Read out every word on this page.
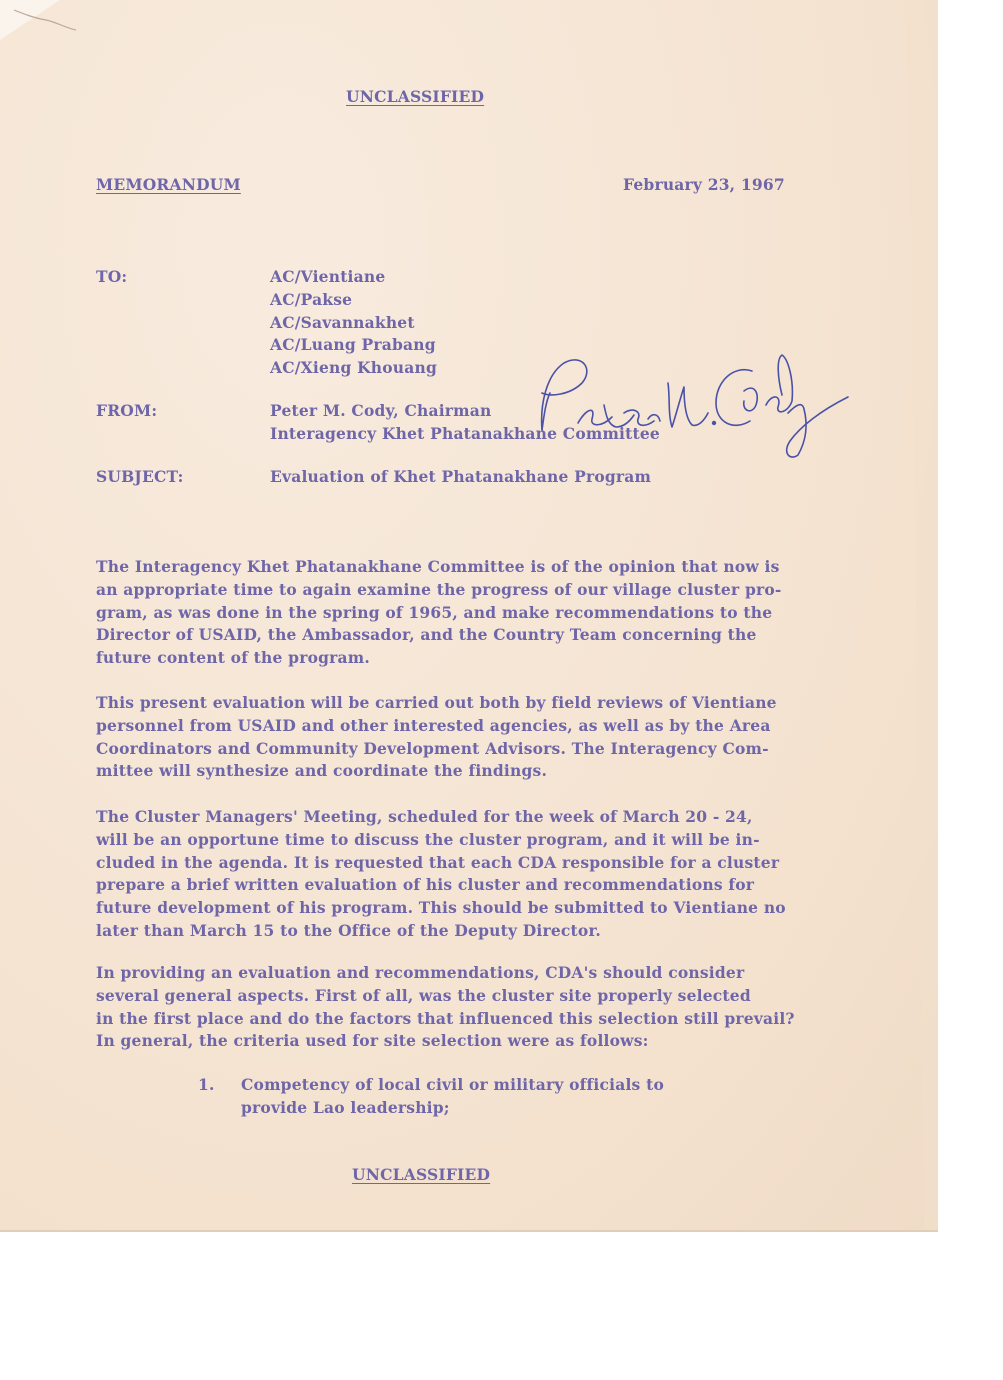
UNCLASSIFIED
MEMORANDUM	February 23, 1967
TO:	AC/Vientiane
AC/Pakse
AC/Savannakhet
AC/Luang Prabang
AC/Xieng Khouang
FROM:	Peter M. Cody, Chairman
Interagency Khet Phatanakhane Committee
SUBJECT:	Evaluation of Khet Phatanakhane Program
The Interagency Khet Phatanakhane Committee is of the opinion that now is
an appropriate time to again examine the progress of our village cluster pro-
gram, as was done in the spring of 1965, and make recommendations to the
Director of USAID, the Ambassador, and the Country Team concerning the
future content of the program.
This present evaluation will be carried out both by field reviews of Vientiane
personnel from USAID and other interested agencies, as well as by the Area
Coordinators and Community Development Advisors. The Interagency Com-
mittee will synthesize and coordinate the findings.
The Cluster Managers' Meeting, scheduled for the week of March 20 - 24,
will be an opportune time to discuss the cluster program, and it will be in-
cluded in the agenda. It is requested that each CDA responsible for a cluster
prepare a brief written evaluation of his cluster and recommendations for
future development of his program. This should be submitted to Vientiane no
later than March 15 to the Office of the Deputy Director.
In providing an evaluation and recommendations, CDA's should consider
several general aspects. First of all, was the cluster site properly selected
in the first place and do the factors that influenced this selection still prevail?
In general, the criteria used for site selection were as follows:
1. Competency of local civil or military officials to
provide Lao leadership;
UNCLASSIFIED
